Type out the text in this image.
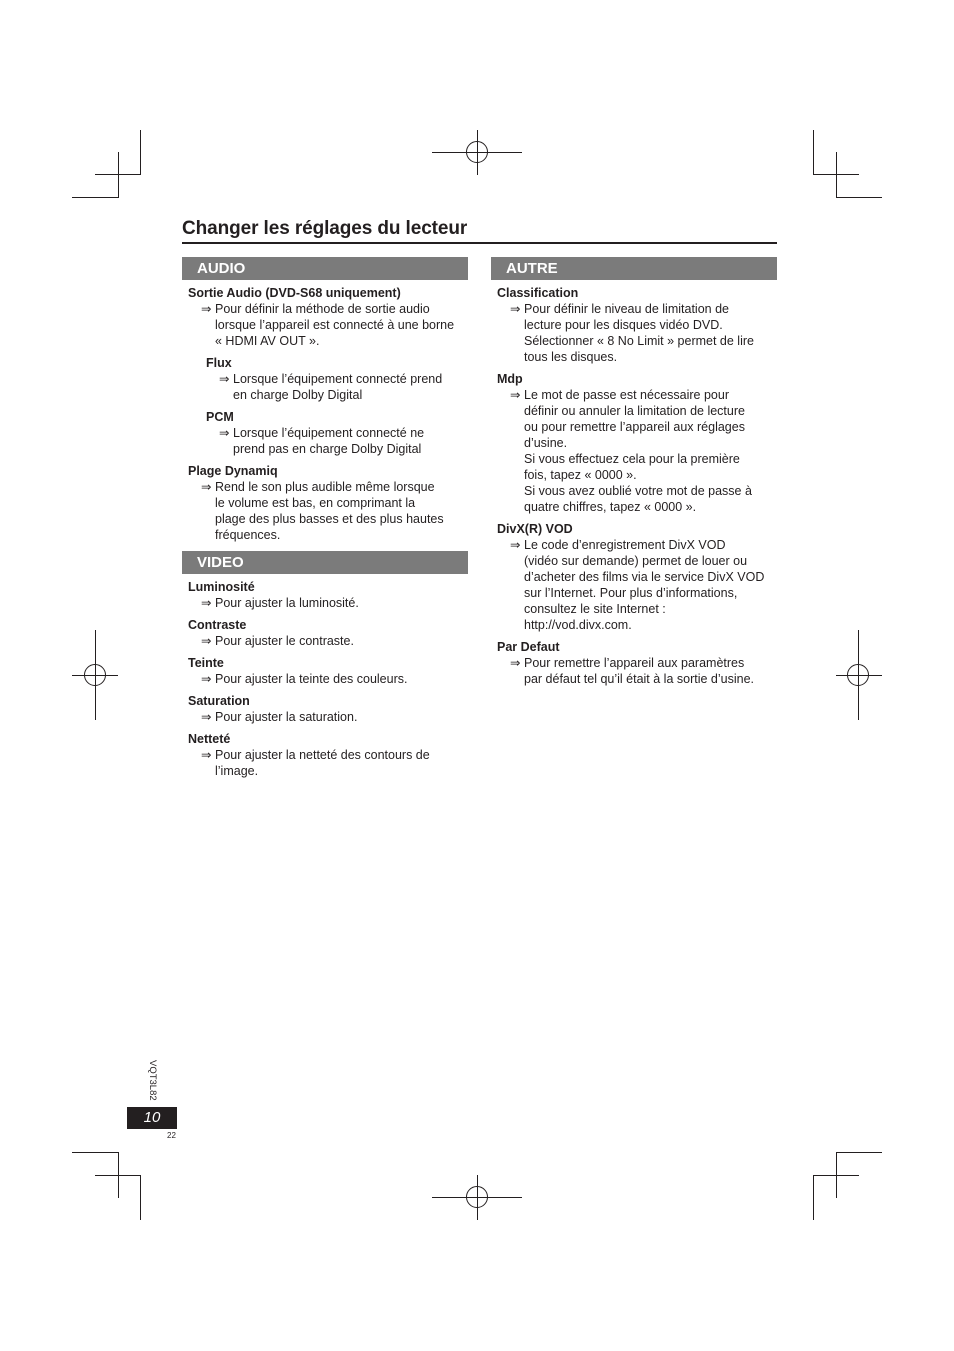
Changer les réglages du lecteur
AUDIO
Sortie Audio (DVD-S68 uniquement)
⇒ Pour définir la méthode de sortie audio
lorsque l’appareil est connecté à une borne
« HDMI AV OUT ».
Flux
⇒ Lorsque l’équipement connecté prend
en charge Dolby Digital
PCM
⇒ Lorsque l’équipement connecté ne
prend pas en charge Dolby Digital
Plage Dynamiq
⇒ Rend le son plus audible même lorsque
le volume est bas, en comprimant la
plage des plus basses et des plus hautes
fréquences.
VIDEO
Luminosité
⇒ Pour ajuster la luminosité.
Contraste
⇒ Pour ajuster le contraste.
Teinte
⇒ Pour ajuster la teinte des couleurs.
Saturation
⇒ Pour ajuster la saturation.
Netteté
⇒ Pour ajuster la netteté des contours de
l’image.
AUTRE
Classification
⇒ Pour définir le niveau de limitation de
lecture pour les disques vidéo DVD.
Sélectionner « 8 No Limit » permet de lire
tous les disques.
Mdp
⇒ Le mot de passe est nécessaire pour
définir ou annuler la limitation de lecture
ou pour remettre l’appareil aux réglages
d’usine.
Si vous effectuez cela pour la première
fois, tapez « 0000 ».
Si vous avez oublié votre mot de passe à
quatre chiffres, tapez « 0000 ».
DivX(R) VOD
⇒ Le code d’enregistrement DivX VOD
(vidéo sur demande) permet de louer ou
d’acheter des films via le service DivX VOD
sur l’Internet. Pour plus d’informations,
consultez le site Internet :
http://vod.divx.com.
Par Defaut
⇒ Pour remettre l’appareil aux paramètres
par défaut tel qu’il était à la sortie d’usine.
VQT3L82
10
22
